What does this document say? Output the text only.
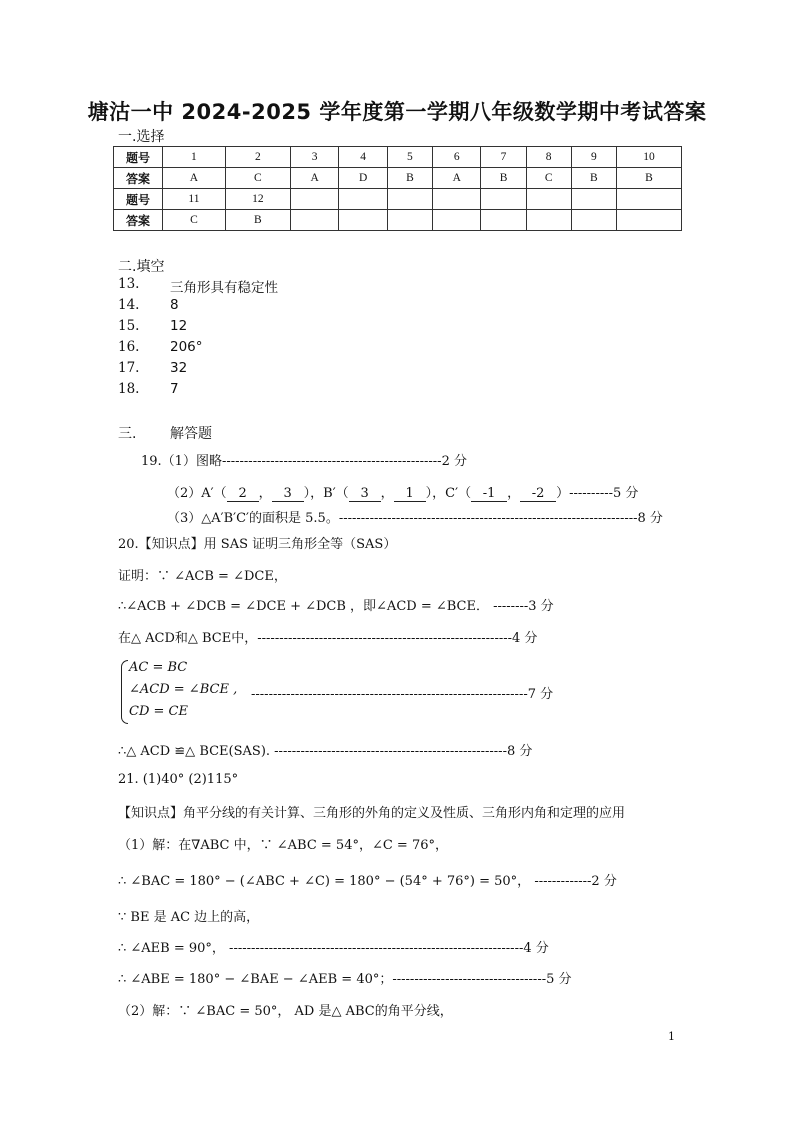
塘沽一中 2024-2025 学年度第一学期八年级数学期中考试答案
一.选择
题号	1	2	3	4	5	6	7	8	9	10
答案	A	C	A	D	B	A	B	C	B	B
题号	11	12								
答案	C	B								
二.填空
13. 三角形具有稳定性
14. 8
15. 12
16. 206°
17. 32
18. 7
三. 解答题
19.（1）图略--------------------------------------------------2 分
（2）A′（ 2 ， 3 ），B′（ 3 ， 1 ），C′（ -1 ， -2 ）----------5 分
（3）△A′B′C′的面积是 5.5。--------------------------------------------------------------------8 分
20.【知识点】用 SAS 证明三角形全等（SAS）
证明：∵ ∠ACB = ∠DCE，
∴∠ACB + ∠DCB = ∠DCE + ∠DCB ，即∠ACD = ∠BCE． --------3 分
在△ ACD和△ BCE中，----------------------------------------------------------4 分
AC = BC
∠ACD = ∠BCE ,
CD = CE
---------------------------------------------------------------7 分
∴△ ACD ≌△ BCE(SAS). -----------------------------------------------------8 分
21. (1)40° (2)115°
【知识点】角平分线的有关计算、三角形的外角的定义及性质、三角形内角和定理的应用
（1）解：在∇ABC 中，∵ ∠ABC = 54°，∠C = 76°，
∴ ∠BAC = 180° − (∠ABC + ∠C) = 180° − (54° + 76°) = 50°， -------------2 分
∵ BE 是 AC 边上的高，
∴ ∠AEB = 90°， -------------------------------------------------------------------4 分
∴ ∠ABE = 180° − ∠BAE − ∠AEB = 40°；-----------------------------------5 分
（2）解：∵ ∠BAC = 50°， AD 是△ ABC的角平分线，
1
